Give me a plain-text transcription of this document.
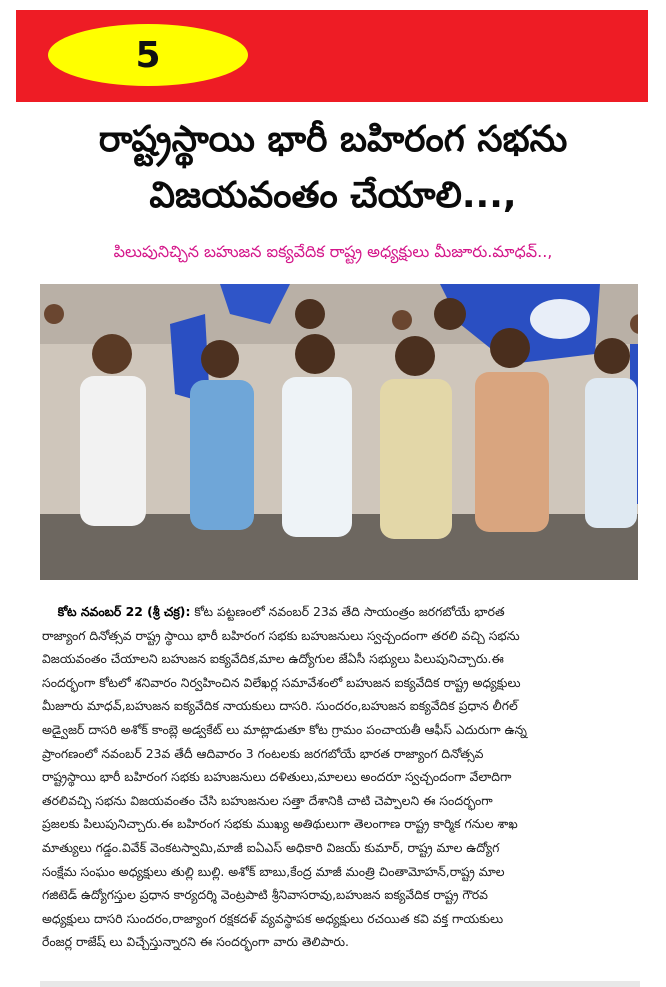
5
రాష్ట్రస్థాయి భారీ బహిరంగ సభను
విజయవంతం చేయాలి...,
పిలుపునిచ్చిన బహుజన ఐక్యవేదిక రాష్ట్ర అధ్యక్షులు మీజూరు.మాధవ్..,
కోట నవంబర్ 22 (శ్రీ చక్ర): కోట పట్టణంలో నవంబర్ 23వ తేది సాయంత్రం జరగబోయే భారత
రాజ్యాంగ దినోత్సవ రాష్ట్ర స్థాయి భారీ బహిరంగ సభకు బహుజనులు స్వచ్చందంగా తరలి వచ్చి సభను
విజయవంతం చేయాలని బహుజన ఐక్యవేదిక,మాల ఉద్యోగుల జేఏసీ సభ్యులు పిలుపునిచ్చారు.ఈ
సందర్భంగా కోటలో శనివారం నిర్వహించిన విలేఖర్ల సమావేశంలో బహుజన ఐక్యవేదిక రాష్ట్ర అధ్యక్షులు
మీజూరు మాధవ్,బహుజన ఐక్యవేదిక నాయకులు దాసరి. సుందరం,బహుజన ఐక్యవేదిక ప్రధాన లీగల్
అడ్వైజర్ దాసరి అశోక్ కాంబ్లె అడ్వకేట్ లు మాట్లాడుతూ కోట గ్రామం పంచాయతీ ఆఫీస్ ఎదురుగా ఉన్న
ప్రాంగణంలో నవంబర్ 23వ తేదీ ఆదివారం 3 గంటలకు జరగబోయే భారత రాజ్యాంగ దినోత్సవ
రాష్ట్రస్థాయి భారీ బహిరంగ సభకు బహుజనులు దళితులు,మాలలు అందరూ స్వచ్చందంగా వేలాదిగా
తరలివచ్చి సభను విజయవంతం చేసి బహుజనుల సత్తా దేశానికి చాటి చెప్పాలని ఈ సందర్భంగా
ప్రజలకు పిలుపునిచ్చారు.ఈ బహిరంగ సభకు ముఖ్య అతిథులుగా తెలంగాణ రాష్ట్ర కార్మిక గనుల శాఖ
మాత్యులు గడ్డం.వివేక్ వెంకటస్వామి,మాజీ ఐఏఎస్ అధికారి విజయ్ కుమార్, రాష్ట్ర మాల ఉద్యోగ
సంక్షేమ సంఘం అధ్యక్షులు తుల్లి బుల్లి. అశోక్ బాబు,కేంద్ర మాజీ మంత్రి చింతామోహన్,రాష్ట్ర మాల
గజిటెడ్ ఉద్యోగస్తుల ప్రధాన కార్యదర్శి వెంట్రపాటి శ్రీనివాసరావు,బహుజన ఐక్యవేదిక రాష్ట్ర గౌరవ
అధ్యక్షులు దాసరి సుందరం,రాజ్యాంగ రక్షకదళ్ వ్యవస్థాపక అధ్యక్షులు రచయిత కవి వక్త గాయకులు
రేంజర్ల రాజేష్ లు విచ్చేస్తున్నారని ఈ సందర్భంగా వారు తెలిపారు.
